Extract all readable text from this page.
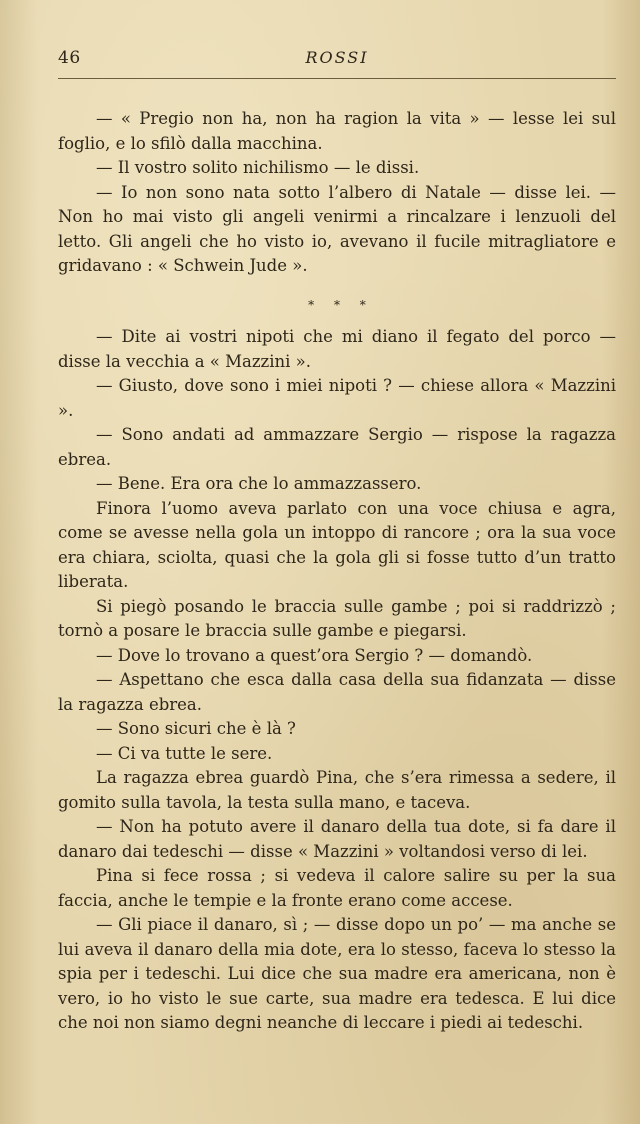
46	ROSSI

— « Pregio non ha, non ha ragion la vita » — lesse lei sul foglio, e lo sfilò dalla macchina.

— Il vostro solito nichilismo — le dissi.

— Io non sono nata sotto l’albero di Natale — disse lei. — Non ho mai visto gli angeli venirmi a rincalzare i lenzuoli del letto. Gli angeli che ho visto io, avevano il fucile mitragliatore e gridavano : « Schwein Jude ».

* * *

— Dite ai vostri nipoti che mi diano il fegato del porco — disse la vecchia a « Mazzini ».

— Giusto, dove sono i miei nipoti ? — chiese allora « Mazzini ».

— Sono andati ad ammazzare Sergio — rispose la ragazza ebrea.

— Bene. Era ora che lo ammazzassero.

Finora l’uomo aveva parlato con una voce chiusa e agra, come se avesse nella gola un intoppo di rancore ; ora la sua voce era chiara, sciolta, quasi che la gola gli si fosse tutto d’un tratto liberata.

Si piegò posando le braccia sulle gambe ; poi si raddrizzò ; tornò a posare le braccia sulle gambe e piegarsi.

— Dove lo trovano a quest’ora Sergio ? — domandò.

— Aspettano che esca dalla casa della sua fidanzata — disse la ragazza ebrea.

— Sono sicuri che è là ?

— Ci va tutte le sere.

La ragazza ebrea guardò Pina, che s’era rimessa a sedere, il gomito sulla tavola, la testa sulla mano, e taceva.

— Non ha potuto avere il danaro della tua dote, si fa dare il danaro dai tedeschi — disse « Mazzini » voltandosi verso di lei.

Pina si fece rossa ; si vedeva il calore salire su per la sua faccia, anche le tempie e la fronte erano come accese.

— Gli piace il danaro, sì ; — disse dopo un po’ — ma anche se lui aveva il danaro della mia dote, era lo stesso, faceva lo stesso la spia per i tedeschi. Lui dice che sua madre era americana, non è vero, io ho visto le sue carte, sua madre era tedesca. E lui dice che noi non siamo degni neanche di leccare i piedi ai tedeschi.
